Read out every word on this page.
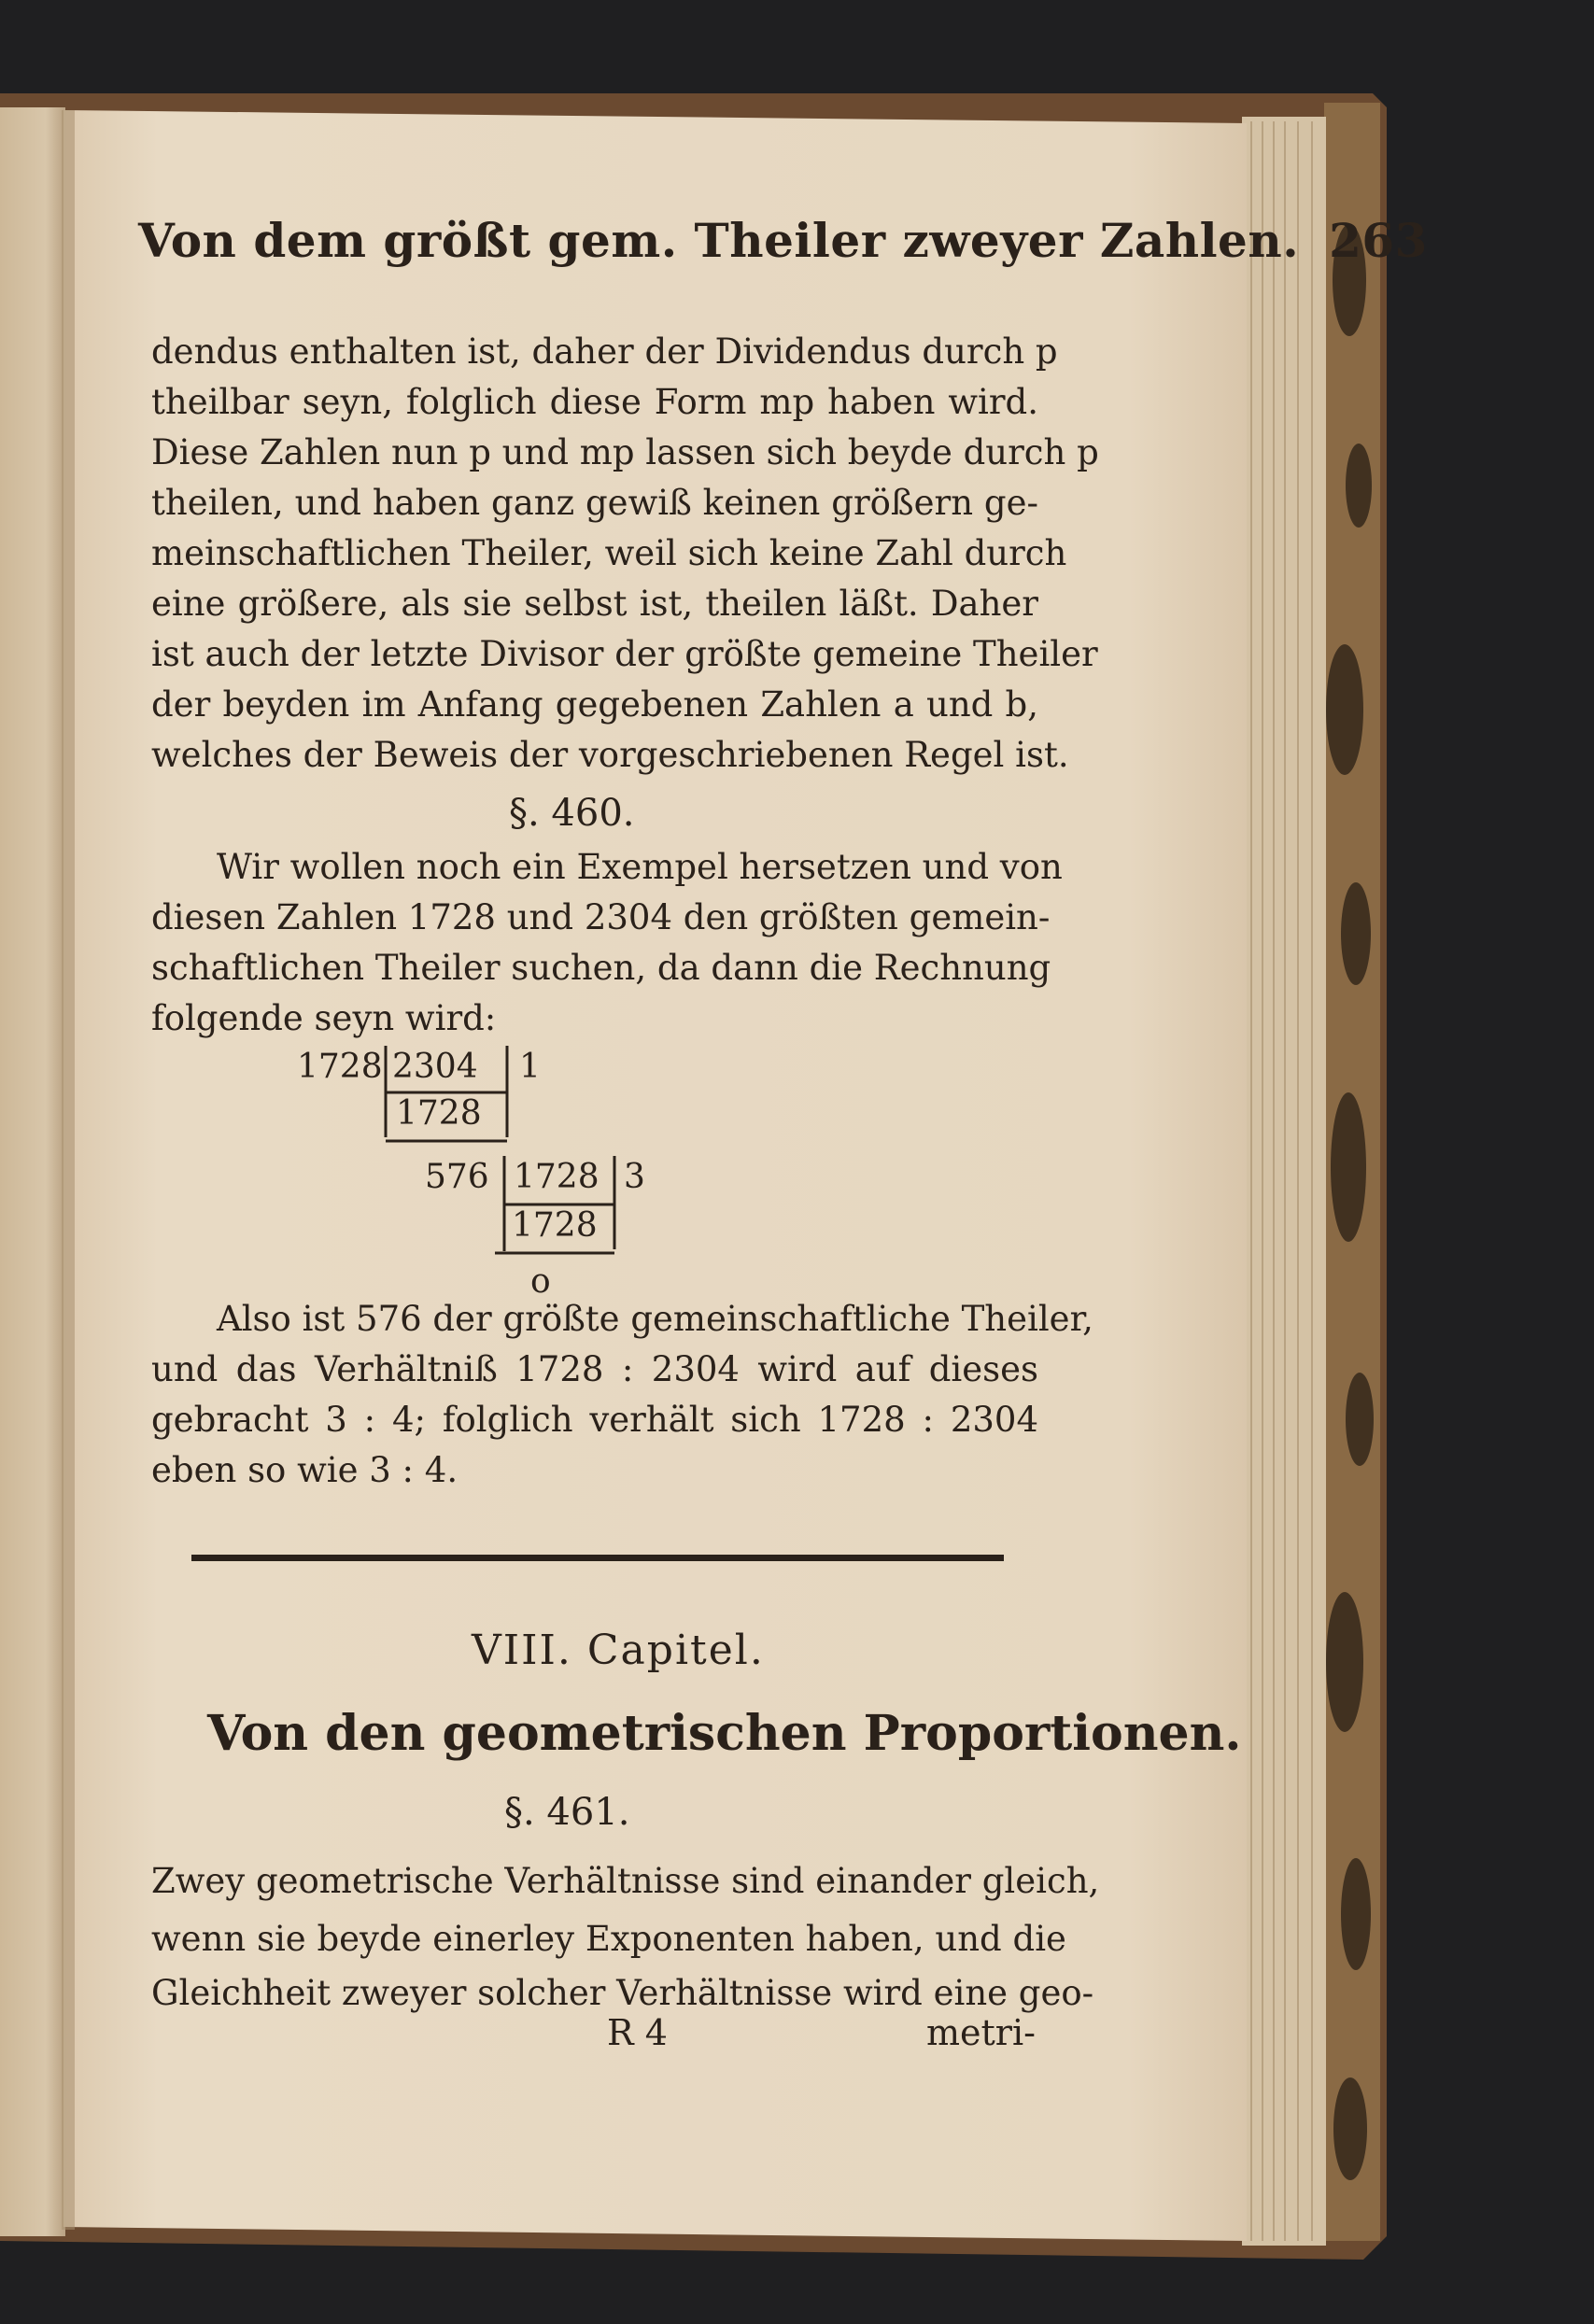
Von dem größt gem. Theiler zweyer Zahlen. 263
dendus enthalten ist, daher der Dividendus durch p
theilbar seyn, folglich diese Form mp haben wird.
Diese Zahlen nun p und mp lassen sich beyde durch p
theilen, und haben ganz gewiß keinen größern ge-
meinschaftlichen Theiler, weil sich keine Zahl durch
eine größere, als sie selbst ist, theilen läßt. Daher
ist auch der letzte Divisor der größte gemeine Theiler
der beyden im Anfang gegebenen Zahlen a und b,
welches der Beweis der vorgeschriebenen Regel ist.
§. 460.
Wir wollen noch ein Exempel hersetzen und von
diesen Zahlen 1728 und 2304 den größten gemein-
schaftlichen Theiler suchen, da dann die Rechnung
folgende seyn wird:
1728 2304 1
1728
576 1728 3
1728
o
Also ist 576 der größte gemeinschaftliche Theiler,
und das Verhältniß 1728 : 2304 wird auf dieses
gebracht 3 : 4; folglich verhält sich 1728 : 2304
eben so wie 3 : 4.
VIII. Capitel.
Von den geometrischen Proportionen.
§. 461.
Zwey geometrische Verhältnisse sind einander gleich,
wenn sie beyde einerley Exponenten haben, und die
Gleichheit zweyer solcher Verhältnisse wird eine geo-
R 4	metri-
